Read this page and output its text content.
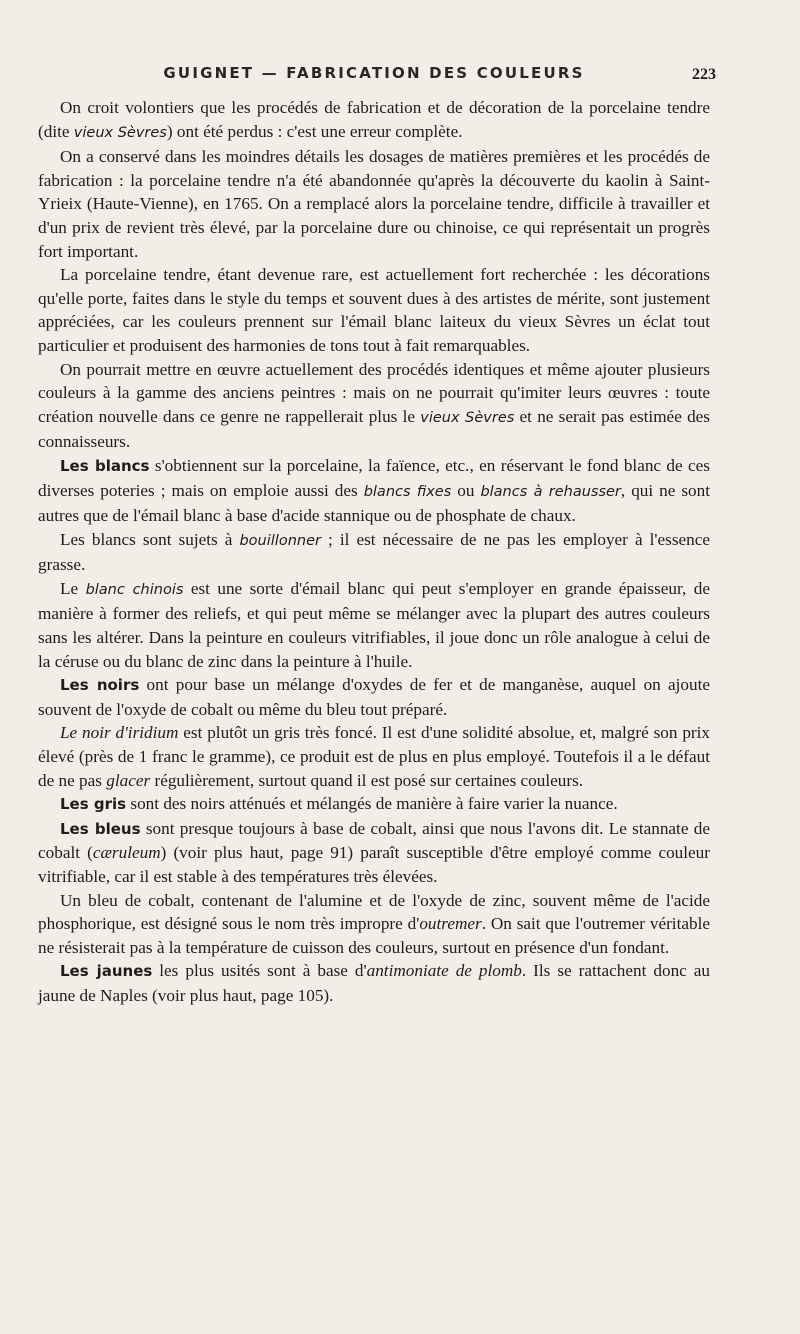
GUIGNET — FABRICATION DES COULEURS	223

On croit volontiers que les procédés de fabrication et de décoration de la porcelaine tendre (dite vieux Sèvres) ont été perdus : c'est une erreur complète.

On a conservé dans les moindres détails les dosages de matières premières et les procédés de fabrication : la porcelaine tendre n'a été abandonnée qu'après la découverte du kaolin à Saint-Yrieix (Haute-Vienne), en 1765. On a remplacé alors la porcelaine tendre, difficile à travailler et d'un prix de revient très élevé, par la porcelaine dure ou chinoise, ce qui représentait un progrès fort important.

La porcelaine tendre, étant devenue rare, est actuellement fort recherchée : les décorations qu'elle porte, faites dans le style du temps et souvent dues à des artistes de mérite, sont justement appréciées, car les couleurs prennent sur l'émail blanc laiteux du vieux Sèvres un éclat tout particulier et produisent des harmonies de tons tout à fait remarquables.

On pourrait mettre en œuvre actuellement des procédés identiques et même ajouter plusieurs couleurs à la gamme des anciens peintres : mais on ne pourrait qu'imiter leurs œuvres : toute création nouvelle dans ce genre ne rappellerait plus le vieux Sèvres et ne serait pas estimée des connaisseurs.

Les blancs s'obtiennent sur la porcelaine, la faïence, etc., en réservant le fond blanc de ces diverses poteries ; mais on emploie aussi des blancs fixes ou blancs à rehausser, qui ne sont autres que de l'émail blanc à base d'acide stannique ou de phosphate de chaux.

Les blancs sont sujets à bouillonner ; il est nécessaire de ne pas les employer à l'essence grasse.

Le blanc chinois est une sorte d'émail blanc qui peut s'employer en grande épaisseur, de manière à former des reliefs, et qui peut même se mélanger avec la plupart des autres couleurs sans les altérer. Dans la peinture en couleurs vitrifiables, il joue donc un rôle analogue à celui de la céruse ou du blanc de zinc dans la peinture à l'huile.

Les noirs ont pour base un mélange d'oxydes de fer et de manganèse, auquel on ajoute souvent de l'oxyde de cobalt ou même du bleu tout préparé.

Le noir d'iridium est plutôt un gris très foncé. Il est d'une solidité absolue, et, malgré son prix élevé (près de 1 franc le gramme), ce produit est de plus en plus employé. Toutefois il a le défaut de ne pas glacer régulièrement, surtout quand il est posé sur certaines couleurs.

Les gris sont des noirs atténués et mélangés de manière à faire varier la nuance.

Les bleus sont presque toujours à base de cobalt, ainsi que nous l'avons dit. Le stannate de cobalt (cæruleum) (voir plus haut, page 91) paraît susceptible d'être employé comme couleur vitrifiable, car il est stable à des températures très élevées.

Un bleu de cobalt, contenant de l'alumine et de l'oxyde de zinc, souvent même de l'acide phosphorique, est désigné sous le nom très impropre d'outremer. On sait que l'outremer véritable ne résisterait pas à la température de cuisson des couleurs, surtout en présence d'un fondant.

Les jaunes les plus usités sont à base d'antimoniate de plomb. Ils se rattachent donc au jaune de Naples (voir plus haut, page 105).
